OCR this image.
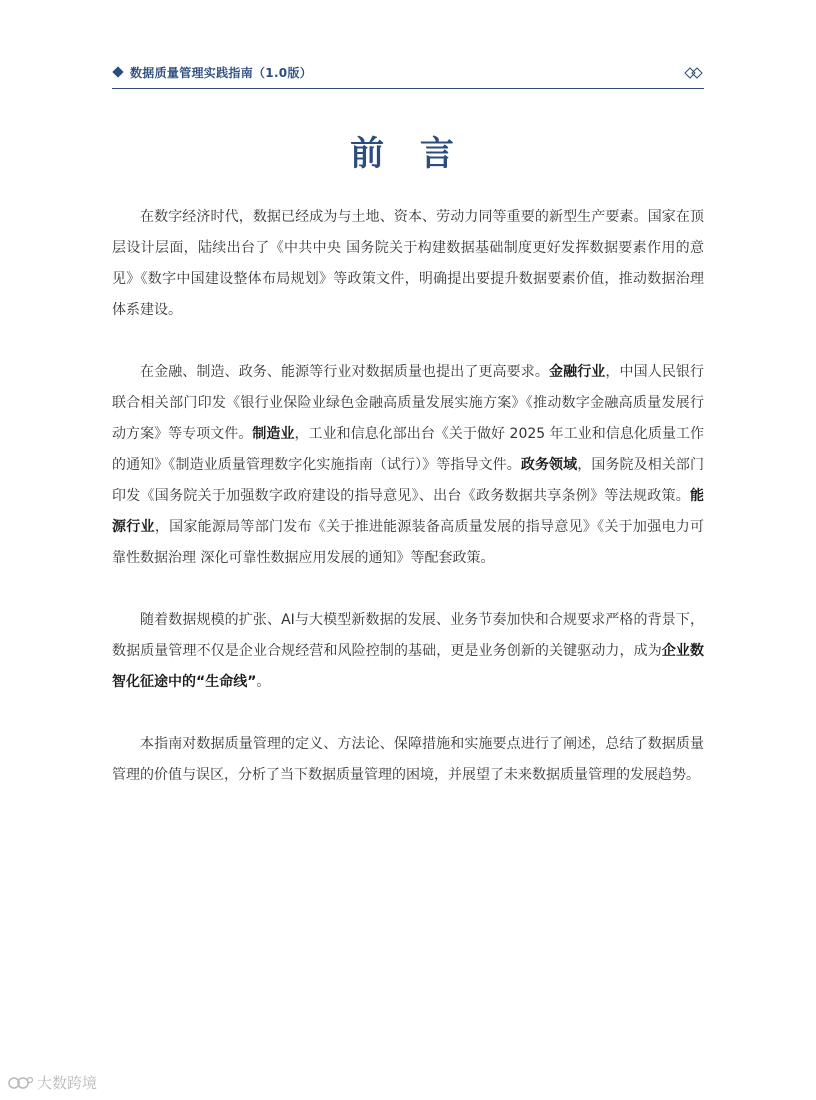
数据质量管理实践指南（1.0版）
前 言

在数字经济时代，数据已经成为与土地、资本、劳动力同等重要的新型生产要素。国家在顶层设计层面，陆续出台了《中共中央 国务院关于构建数据基础制度更好发挥数据要素作用的意见》《数字中国建设整体布局规划》等政策文件，明确提出要提升数据要素价值，推动数据治理体系建设。

在金融、制造、政务、能源等行业对数据质量也提出了更高要求。金融行业，中国人民银行联合相关部门印发《银行业保险业绿色金融高质量发展实施方案》《推动数字金融高质量发展行动方案》等专项文件。制造业，工业和信息化部出台《关于做好 2025 年工业和信息化质量工作的通知》《制造业质量管理数字化实施指南（试行）》等指导文件。政务领域，国务院及相关部门印发《国务院关于加强数字政府建设的指导意见》、出台《政务数据共享条例》等法规政策。能源行业，国家能源局等部门发布《关于推进能源装备高质量发展的指导意见》《关于加强电力可靠性数据治理 深化可靠性数据应用发展的通知》等配套政策。

随着数据规模的扩张、AI与大模型新数据的发展、业务节奏加快和合规要求严格的背景下，数据质量管理不仅是企业合规经营和风险控制的基础，更是业务创新的关键驱动力，成为企业数智化征途中的“生命线”。

本指南对数据质量管理的定义、方法论、保障措施和实施要点进行了阐述，总结了数据质量管理的价值与误区，分析了当下数据质量管理的困境，并展望了未来数据质量管理的发展趋势。

大数跨境
